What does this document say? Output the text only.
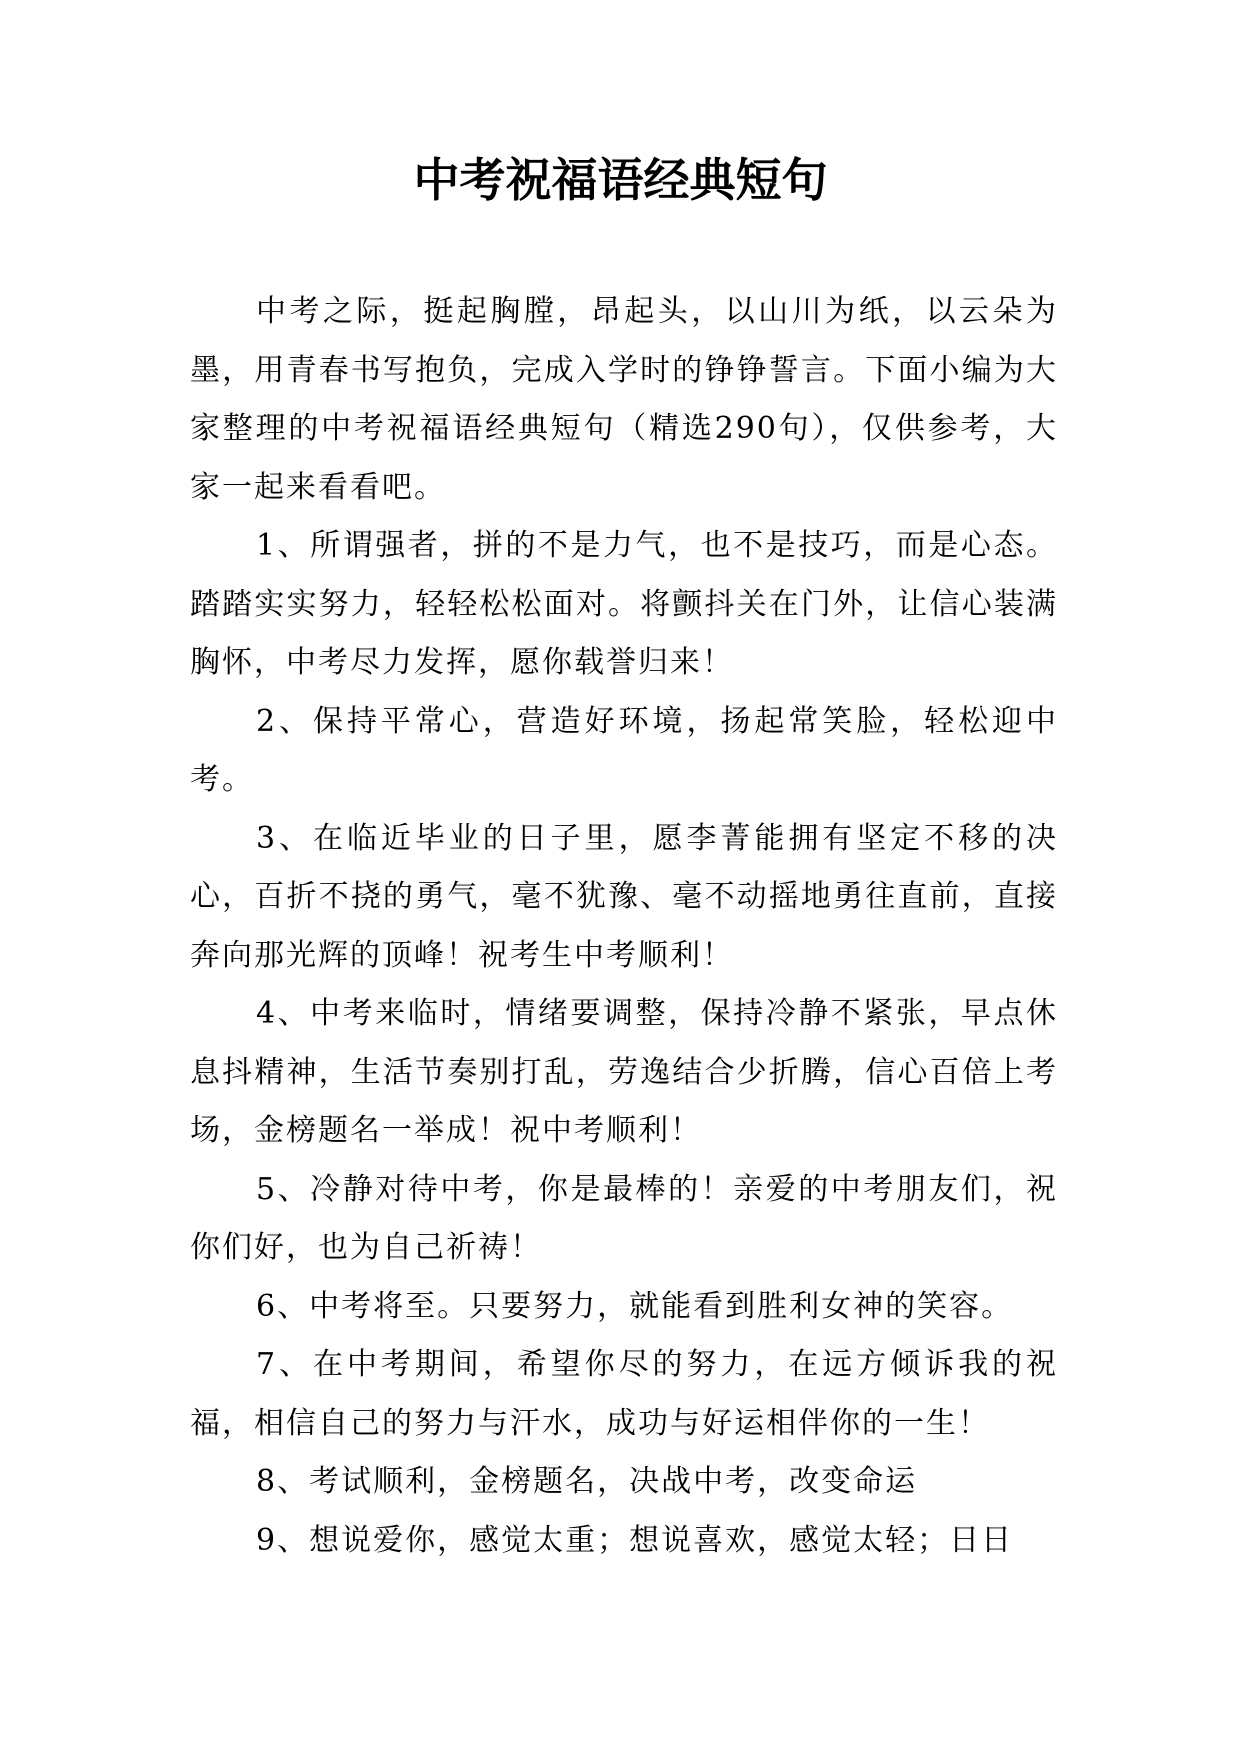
中考祝福语经典短句

中考之际，挺起胸膛，昂起头，以山川为纸，以云朵为墨，用青春书写抱负，完成入学时的铮铮誓言。下面小编为大家整理的中考祝福语经典短句（精选290句），仅供参考，大家一起来看看吧。

1、所谓强者，拼的不是力气，也不是技巧，而是心态。踏踏实实努力，轻轻松松面对。将颤抖关在门外，让信心装满胸怀，中考尽力发挥，愿你载誉归来！

2、保持平常心，营造好环境，扬起常笑脸，轻松迎中考。

3、在临近毕业的日子里，愿李菁能拥有坚定不移的决心，百折不挠的勇气，毫不犹豫、毫不动摇地勇往直前，直接奔向那光辉的顶峰！祝考生中考顺利！

4、中考来临时，情绪要调整，保持冷静不紧张，早点休息抖精神，生活节奏别打乱，劳逸结合少折腾，信心百倍上考场，金榜题名一举成！祝中考顺利！

5、冷静对待中考，你是最棒的！亲爱的中考朋友们，祝你们好，也为自己祈祷！

6、中考将至。只要努力，就能看到胜利女神的笑容。

7、在中考期间，希望你尽的努力，在远方倾诉我的祝福，相信自己的努力与汗水，成功与好运相伴你的一生！

8、考试顺利，金榜题名，决战中考，改变命运

9、想说爱你，感觉太重；想说喜欢，感觉太轻；日日
